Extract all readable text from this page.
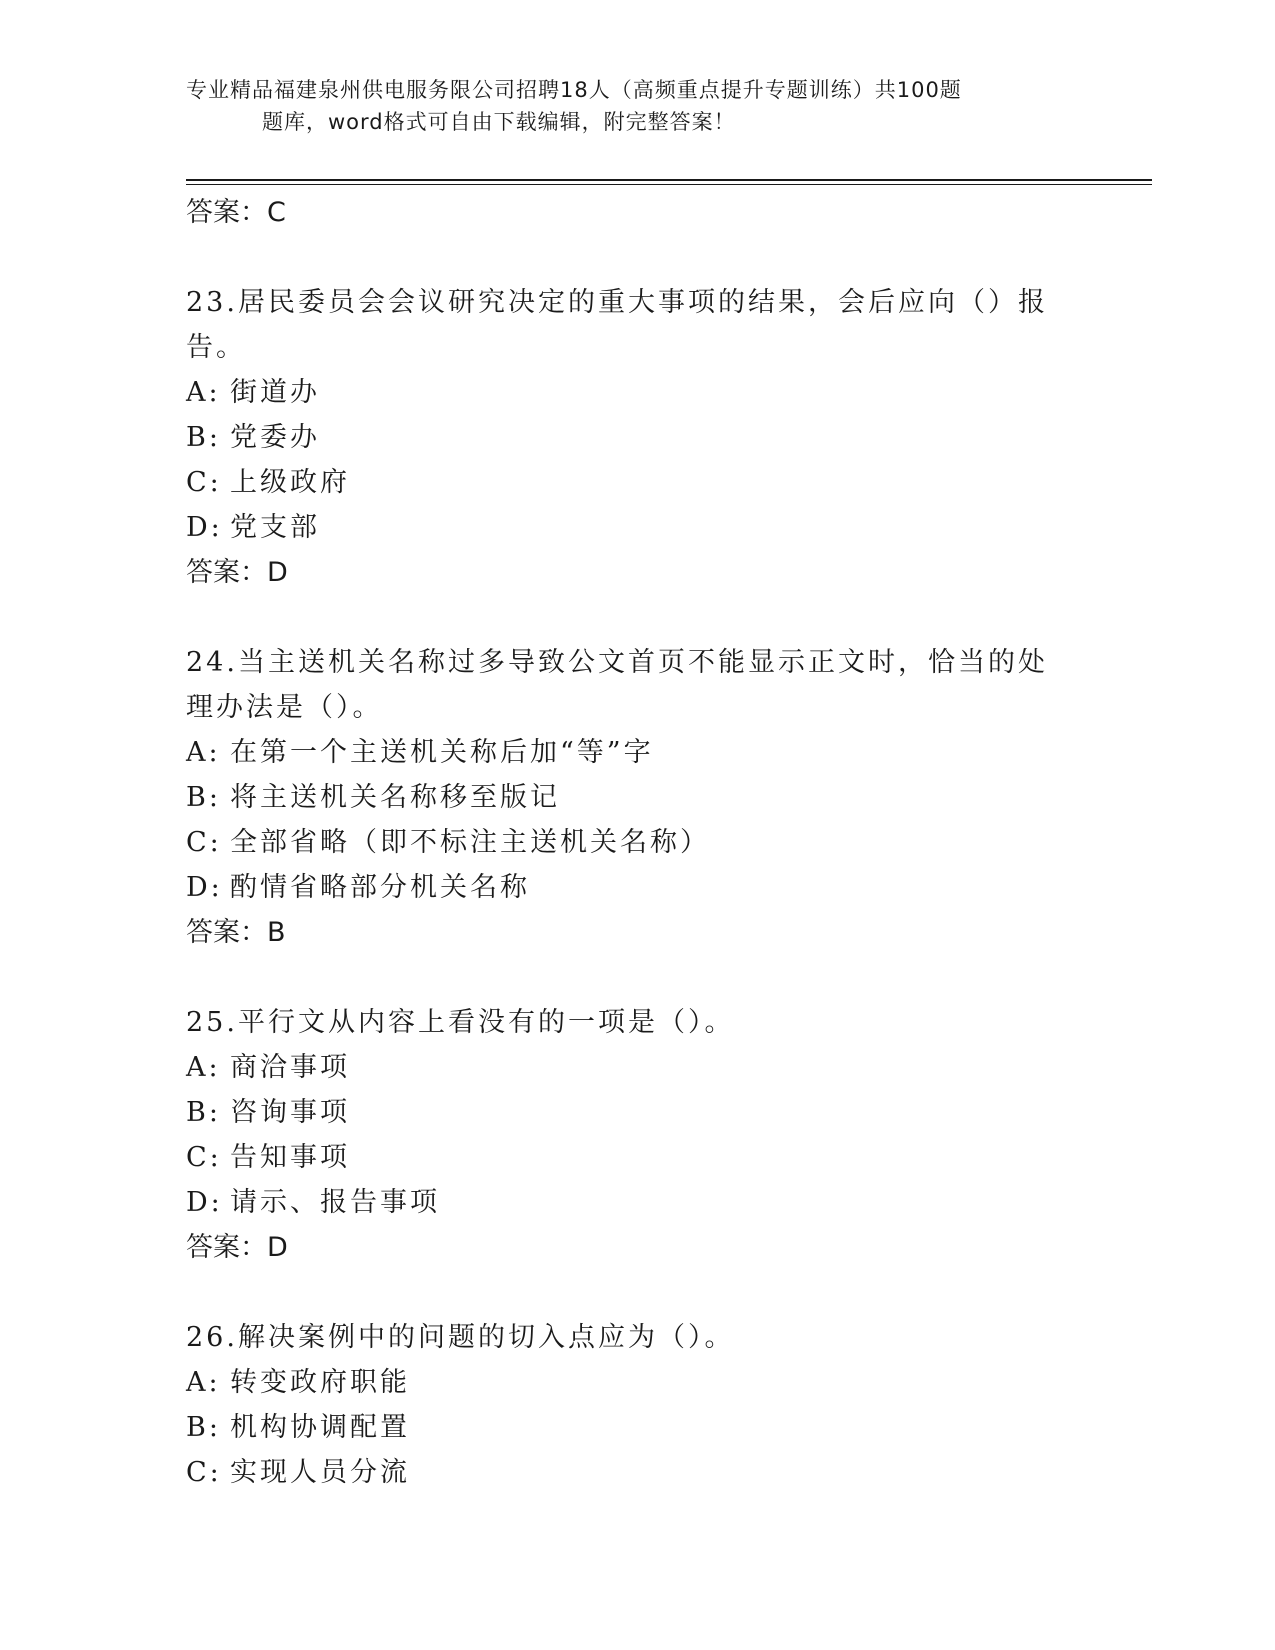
专业精品福建泉州供电服务限公司招聘18人（高频重点提升专题训练）共100题
题库，word格式可自由下载编辑，附完整答案！
答案：C

23.居民委员会会议研究决定的重大事项的结果，会后应向（）报告。

A: 街道办
B: 党委办
C: 上级政府
D: 党支部
答案：D

24.当主送机关名称过多导致公文首页不能显示正文时，恰当的处理办法是（）。

A: 在第一个主送机关称后加“等”字
B: 将主送机关名称移至版记
C: 全部省略（即不标注主送机关名称）
D: 酌情省略部分机关名称
答案：B

25.平行文从内容上看没有的一项是（）。

A: 商洽事项
B: 咨询事项
C: 告知事项
D: 请示、报告事项
答案：D

26.解决案例中的问题的切入点应为（）。

A: 转变政府职能
B: 机构协调配置
C: 实现人员分流
